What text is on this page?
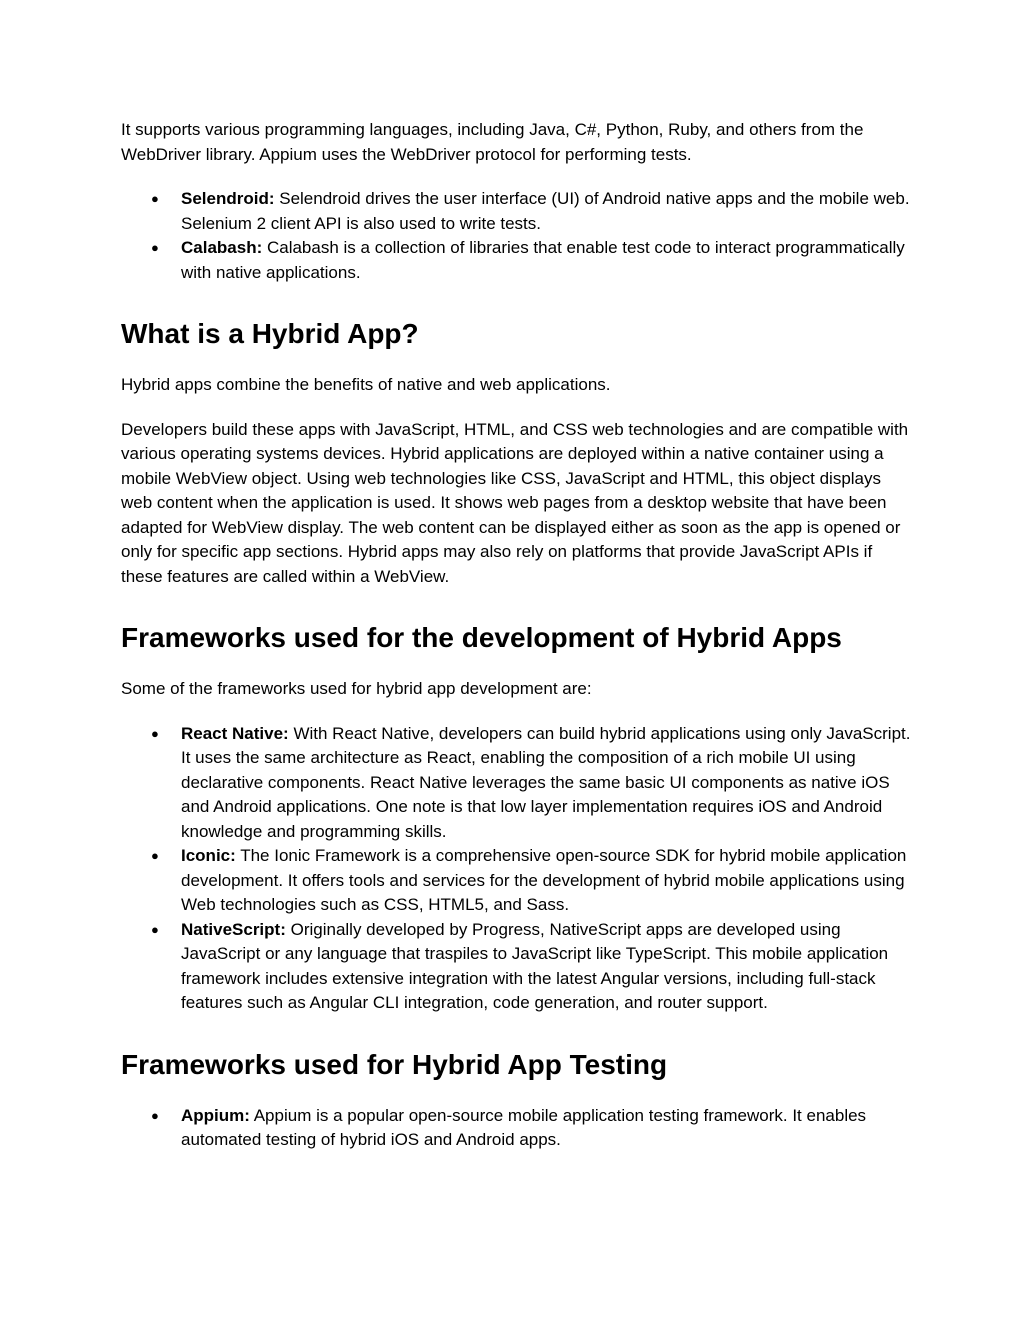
It supports various programming languages, including Java, C#, Python, Ruby, and others from the WebDriver library. Appium uses the WebDriver protocol for performing tests.

● Selendroid: Selendroid drives the user interface (UI) of Android native apps and the mobile web. Selenium 2 client API is also used to write tests.
● Calabash: Calabash is a collection of libraries that enable test code to interact programmatically with native applications.
What is a Hybrid App?

Hybrid apps combine the benefits of native and web applications.

Developers build these apps with JavaScript, HTML, and CSS web technologies and are compatible with various operating systems devices. Hybrid applications are deployed within a native container using a mobile WebView object. Using web technologies like CSS, JavaScript and HTML, this object displays web content when the application is used. It shows web pages from a desktop website that have been adapted for WebView display. The web content can be displayed either as soon as the app is opened or only for specific app sections. Hybrid apps may also rely on platforms that provide JavaScript APIs if these features are called within a WebView.

Frameworks used for the development of Hybrid Apps

Some of the frameworks used for hybrid app development are:

● React Native: With React Native, developers can build hybrid applications using only JavaScript. It uses the same architecture as React, enabling the composition of a rich mobile UI using declarative components. React Native leverages the same basic UI components as native iOS and Android applications. One note is that low layer implementation requires iOS and Android knowledge and programming skills.
● Iconic: The Ionic Framework is a comprehensive open-source SDK for hybrid mobile application development. It offers tools and services for the development of hybrid mobile applications using Web technologies such as CSS, HTML5, and Sass.
● NativeScript: Originally developed by Progress, NativeScript apps are developed using JavaScript or any language that traspiles to JavaScript like TypeScript. This mobile application framework includes extensive integration with the latest Angular versions, including full-stack features such as Angular CLI integration, code generation, and router support.
Frameworks used for Hybrid App Testing
● Appium: Appium is a popular open-source mobile application testing framework. It enables automated testing of hybrid iOS and Android apps.
